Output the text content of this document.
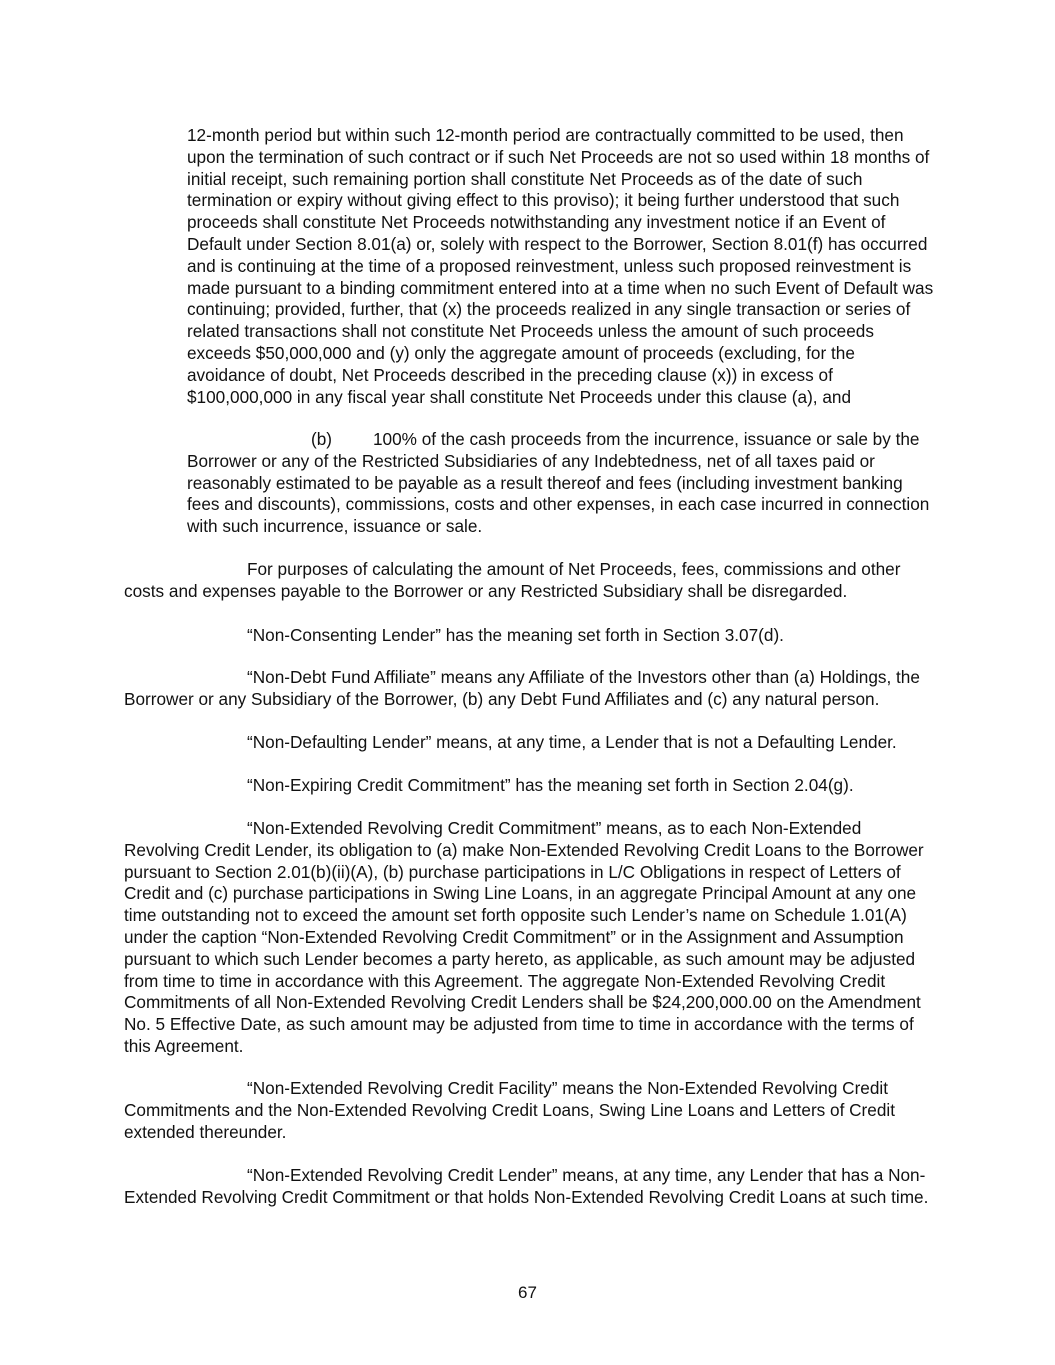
12-month period but within such 12-month period are contractually committed to be used, then upon the termination of such contract or if such Net Proceeds are not so used within 18 months of initial receipt, such remaining portion shall constitute Net Proceeds as of the date of such termination or expiry without giving effect to this proviso); it being further understood that such proceeds shall constitute Net Proceeds notwithstanding any investment notice if an Event of Default under Section 8.01(a) or, solely with respect to the Borrower, Section 8.01(f) has occurred and is continuing at the time of a proposed reinvestment, unless such proposed reinvestment is made pursuant to a binding commitment entered into at a time when no such Event of Default was continuing; provided, further, that (x) the proceeds realized in any single transaction or series of related transactions shall not constitute Net Proceeds unless the amount of such proceeds exceeds $50,000,000 and (y) only the aggregate amount of proceeds (excluding, for the avoidance of doubt, Net Proceeds described in the preceding clause (x)) in excess of $100,000,000 in any fiscal year shall constitute Net Proceeds under this clause (a), and

(b) 100% of the cash proceeds from the incurrence, issuance or sale by the Borrower or any of the Restricted Subsidiaries of any Indebtedness, net of all taxes paid or reasonably estimated to be payable as a result thereof and fees (including investment banking fees and discounts), commissions, costs and other expenses, in each case incurred in connection with such incurrence, issuance or sale.

For purposes of calculating the amount of Net Proceeds, fees, commissions and other costs and expenses payable to the Borrower or any Restricted Subsidiary shall be disregarded.

“Non-Consenting Lender” has the meaning set forth in Section 3.07(d).

“Non-Debt Fund Affiliate” means any Affiliate of the Investors other than (a) Holdings, the Borrower or any Subsidiary of the Borrower, (b) any Debt Fund Affiliates and (c) any natural person.

“Non-Defaulting Lender” means, at any time, a Lender that is not a Defaulting Lender.

“Non-Expiring Credit Commitment” has the meaning set forth in Section 2.04(g).

“Non-Extended Revolving Credit Commitment” means, as to each Non-Extended Revolving Credit Lender, its obligation to (a) make Non-Extended Revolving Credit Loans to the Borrower pursuant to Section 2.01(b)(ii)(A), (b) purchase participations in L/C Obligations in respect of Letters of Credit and (c) purchase participations in Swing Line Loans, in an aggregate Principal Amount at any one time outstanding not to exceed the amount set forth opposite such Lender’s name on Schedule 1.01(A) under the caption “Non-Extended Revolving Credit Commitment” or in the Assignment and Assumption pursuant to which such Lender becomes a party hereto, as applicable, as such amount may be adjusted from time to time in accordance with this Agreement. The aggregate Non-Extended Revolving Credit Commitments of all Non-Extended Revolving Credit Lenders shall be $24,200,000.00 on the Amendment No. 5 Effective Date, as such amount may be adjusted from time to time in accordance with the terms of this Agreement.

“Non-Extended Revolving Credit Facility” means the Non-Extended Revolving Credit Commitments and the Non-Extended Revolving Credit Loans, Swing Line Loans and Letters of Credit extended thereunder.

“Non-Extended Revolving Credit Lender” means, at any time, any Lender that has a Non-Extended Revolving Credit Commitment or that holds Non-Extended Revolving Credit Loans at such time.

67
